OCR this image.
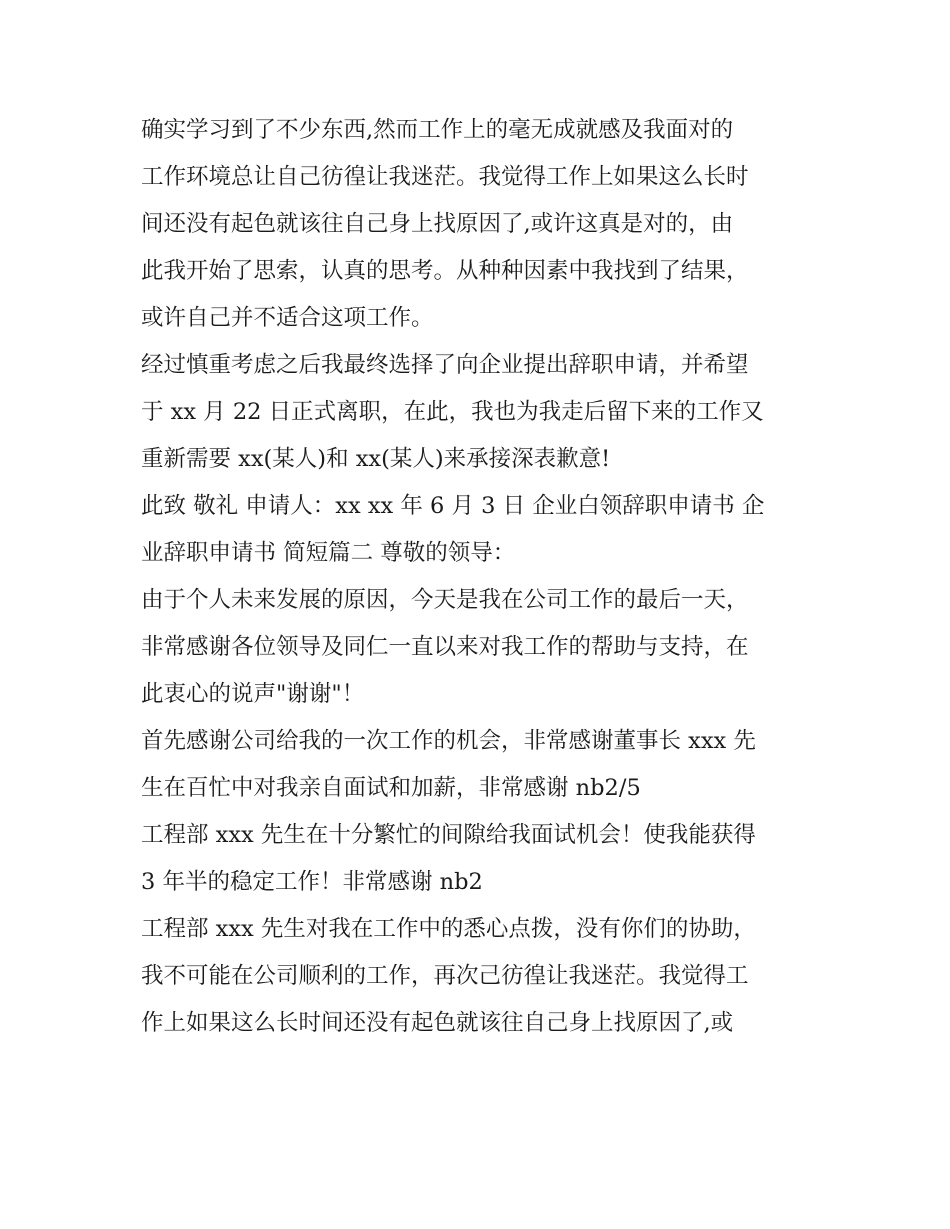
确实学习到了不少东西,然而工作上的毫无成就感及我面对的
工作环境总让自己彷徨让我迷茫。我觉得工作上如果这么长时
间还没有起色就该往自己身上找原因了,或许这真是对的，由
此我开始了思索，认真的思考。从种种因素中我找到了结果，
或许自己并不适合这项工作。
经过慎重考虑之后我最终选择了向企业提出辞职申请，并希望
于 xx 月 22 日正式离职，在此，我也为我走后留下来的工作又
重新需要 xx(某人)和 xx(某人)来承接深表歉意!
此致 敬礼 申请人：xx xx 年 6 月 3 日 企业白领辞职申请书 企
业辞职申请书 简短篇二 尊敬的领导：
由于个人未来发展的原因，今天是我在公司工作的最后一天，
非常感谢各位领导及同仁一直以来对我工作的帮助与支持，在
此衷心的说声"谢谢"！
首先感谢公司给我的一次工作的机会，非常感谢董事长 xxx 先
生在百忙中对我亲自面试和加薪，非常感谢 nb2/5
工程部 xxx 先生在十分繁忙的间隙给我面试机会！使我能获得
3 年半的稳定工作！非常感谢 nb2
工程部 xxx 先生对我在工作中的悉心点拨，没有你们的协助，
我不可能在公司顺利的工作，再次己彷徨让我迷茫。我觉得工
作上如果这么长时间还没有起色就该往自己身上找原因了,或
